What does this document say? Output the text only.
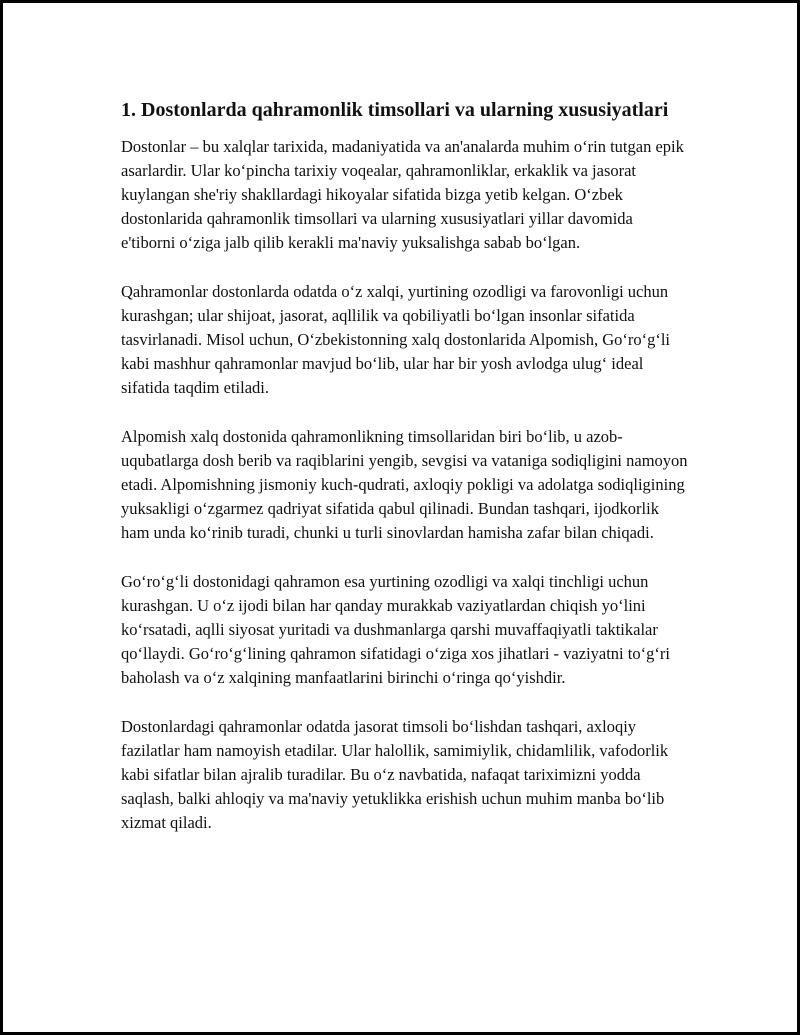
1. Dostonlarda qahramonlik timsollari va ularning xususiyatlari

Dostonlar – bu xalqlar tarixida, madaniyatida va an'analarda muhim o‘rin tutgan epik asarlardir. Ular ko‘pincha tarixiy voqealar, qahramonliklar, erkaklik va jasorat kuylangan she'riy shakllardagi hikoyalar sifatida bizga yetib kelgan. O‘zbek dostonlarida qahramonlik timsollari va ularning xususiyatlari yillar davomida e'tiborni o‘ziga jalb qilib kerakli ma'naviy yuksalishga sabab bo‘lgan.

Qahramonlar dostonlarda odatda o‘z xalqi, yurtining ozodligi va farovonligi uchun kurashgan; ular shijoat, jasorat, aqllilik va qobiliyatli bo‘lgan insonlar sifatida tasvirlanadi. Misol uchun, O‘zbekistonning xalq dostonlarida Alpomish, Go‘ro‘g‘li kabi mashhur qahramonlar mavjud bo‘lib, ular har bir yosh avlodga ulug‘ ideal sifatida taqdim etiladi.

Alpomish xalq dostonida qahramonlikning timsollaridan biri bo‘lib, u azob-uqubatlarga dosh berib va raqiblarini yengib, sevgisi va vataniga sodiqligini namoyon etadi. Alpomishning jismoniy kuch-qudrati, axloqiy pokligi va adolatga sodiqligining yuksakligi o‘zgarmez qadriyat sifatida qabul qilinadi. Bundan tashqari, ijodkorlik ham unda ko‘rinib turadi, chunki u turli sinovlardan hamisha zafar bilan chiqadi.

Go‘ro‘g‘li dostonidagi qahramon esa yurtining ozodligi va xalqi tinchligi uchun kurashgan. U o‘z ijodi bilan har qanday murakkab vaziyatlardan chiqish yo‘lini ko‘rsatadi, aqlli siyosat yuritadi va dushmanlarga qarshi muvaffaqiyatli taktikalar qo‘llaydi. Go‘ro‘g‘lining qahramon sifatidagi o‘ziga xos jihatlari - vaziyatni to‘g‘ri baholash va o‘z xalqining manfaatlarini birinchi o‘ringa qo‘yishdir.

Dostonlardagi qahramonlar odatda jasorat timsoli bo‘lishdan tashqari, axloqiy fazilatlar ham namoyish etadilar. Ular halollik, samimiylik, chidamlilik, vafodorlik kabi sifatlar bilan ajralib turadilar. Bu o‘z navbatida, nafaqat tariximizni yodda saqlash, balki ahloqiy va ma'naviy yetuklikka erishish uchun muhim manba bo‘lib xizmat qiladi.
